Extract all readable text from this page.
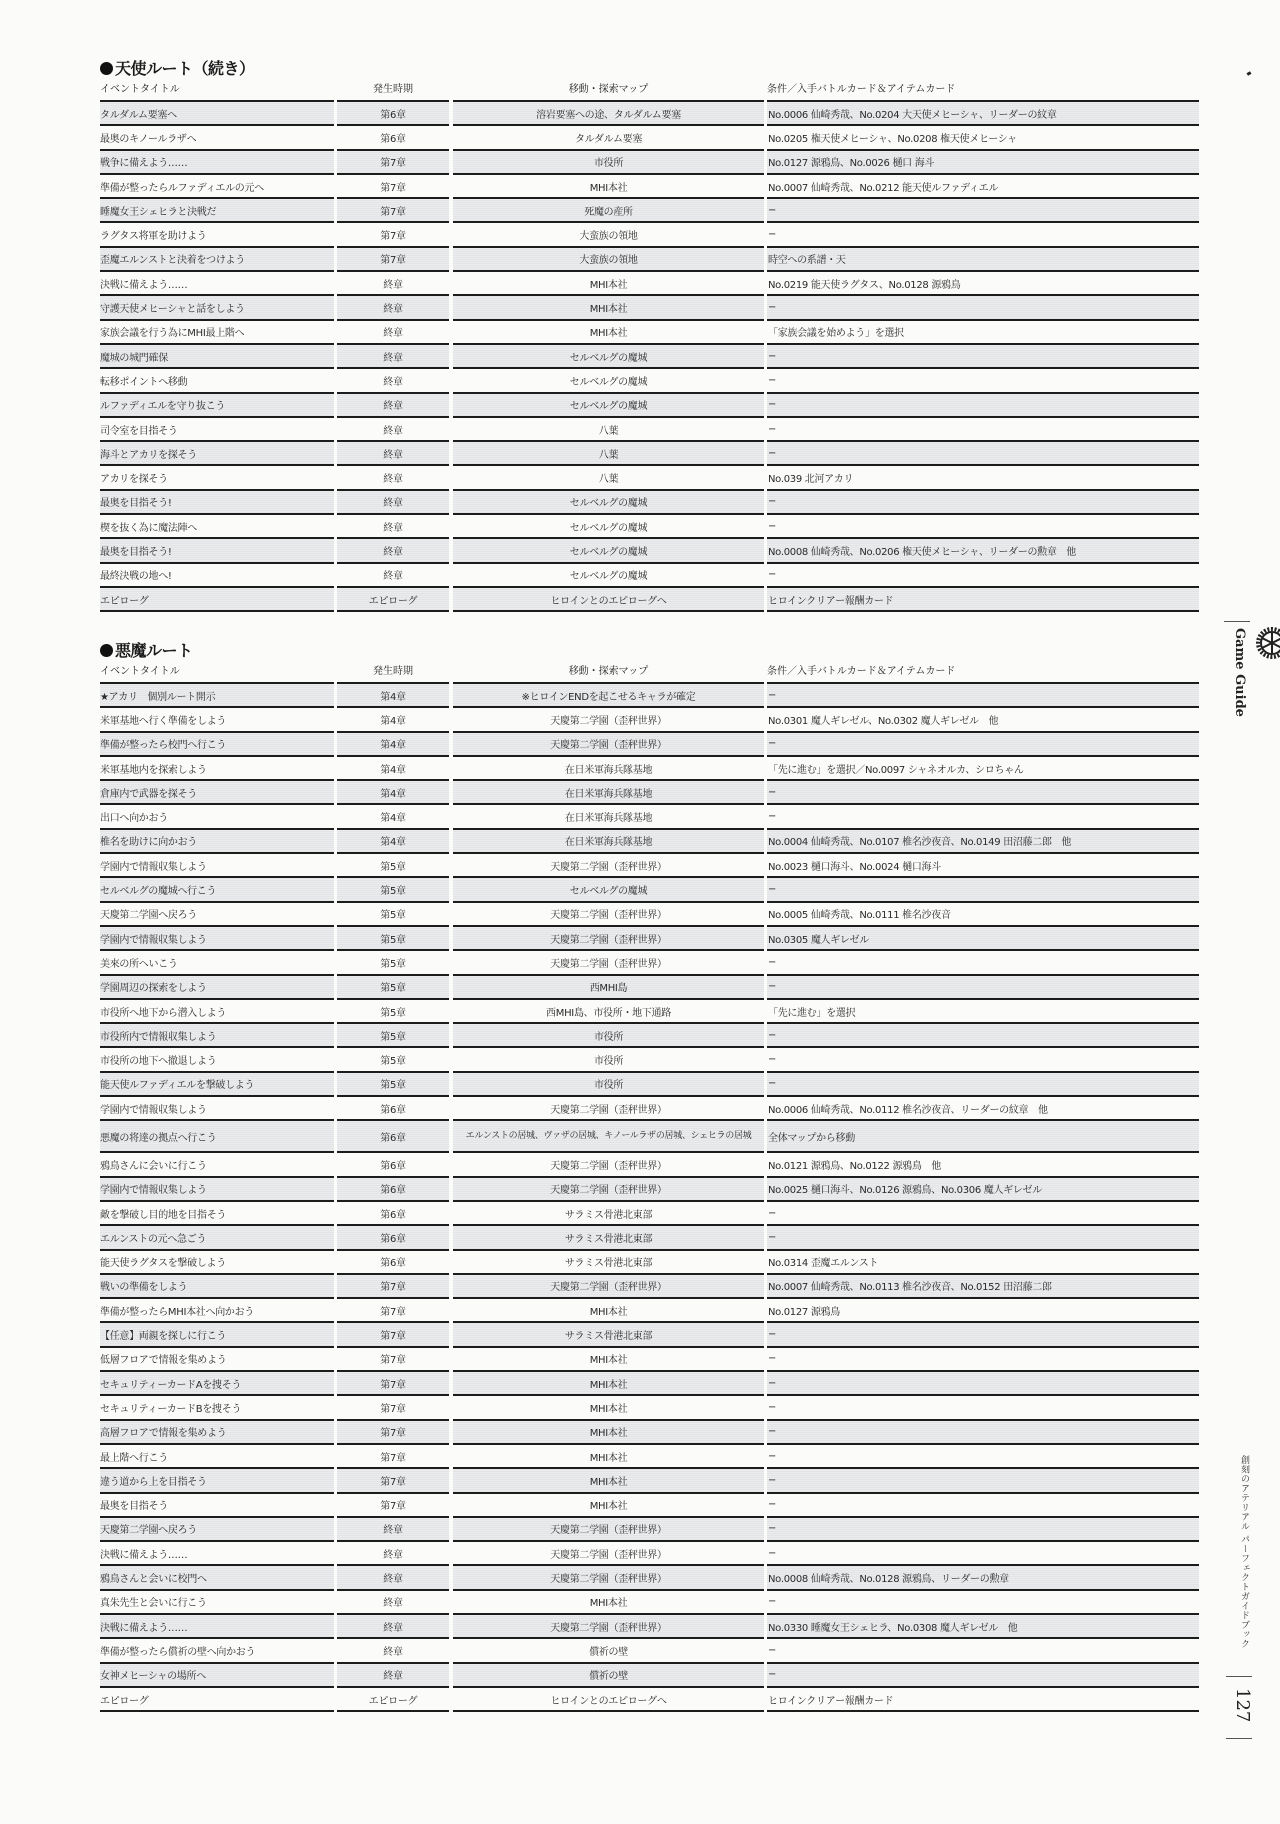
天使ルート（続き）
イベントタイトル	発生時期	移動・探索マップ	条件／入手バトルカード＆アイテムカード
タルダルム要塞へ	第6章	溶岩要塞への途、タルダルム要塞	No.0006 仙崎秀哉、No.0204 大天使メヒーシャ、リーダーの紋章
最奥のキノールラザへ	第6章	タルダルム要塞	No.0205 権天使メヒーシャ、No.0208 権天使メヒーシャ
戦争に備えよう……	第7章	市役所	No.0127 源鴉鳥、No.0026 樋口 海斗
準備が整ったらルファディエルの元へ	第7章	MHI本社	No.0007 仙崎秀哉、No.0212 能天使ルファディエル
睡魔女王シェヒラと決戦だ	第7章	死魔の産所	−
ラグタス将軍を助けよう	第7章	大蛮族の領地	−
歪魔エルンストと決着をつけよう	第7章	大蛮族の領地	時空への系譜・天
決戦に備えよう……	終章	MHI本社	No.0219 能天使ラグタス、No.0128 源鴉鳥
守護天使メヒーシャと話をしよう	終章	MHI本社	−
家族会議を行う為にMHI最上階へ	終章	MHI本社	「家族会議を始めよう」を選択
魔城の城門確保	終章	セルベルグの魔城	−
転移ポイントへ移動	終章	セルベルグの魔城	−
ルファディエルを守り抜こう	終章	セルベルグの魔城	−
司令室を目指そう	終章	八葉	−
海斗とアカリを探そう	終章	八葉	−
アカリを探そう	終章	八葉	No.039 北河アカリ
最奥を目指そう!	終章	セルベルグの魔城	−
楔を抜く為に魔法陣へ	終章	セルベルグの魔城	−
最奥を目指そう!	終章	セルベルグの魔城	No.0008 仙崎秀哉、No.0206 権天使メヒーシャ、リーダーの勲章　他
最終決戦の地へ!	終章	セルベルグの魔城	−
エピローグ	エピローグ	ヒロインとのエピローグへ	ヒロインクリアー報酬カード
悪魔ルート
イベントタイトル	発生時期	移動・探索マップ	条件／入手バトルカード＆アイテムカード
★アカリ　個別ルート開示	第4章	※ヒロインENDを起こせるキャラが確定	−
米軍基地へ行く準備をしよう	第4章	天慶第二学園（歪秤世界）	No.0301 魔人ギレゼル、No.0302 魔人ギレゼル　他
準備が整ったら校門へ行こう	第4章	天慶第二学園（歪秤世界）	−
米軍基地内を探索しよう	第4章	在日米軍海兵隊基地	「先に進む」を選択／No.0097 シャネオルカ、シロちゃん
倉庫内で武器を探そう	第4章	在日米軍海兵隊基地	−
出口へ向かおう	第4章	在日米軍海兵隊基地	−
椎名を助けに向かおう	第4章	在日米軍海兵隊基地	No.0004 仙崎秀哉、No.0107 椎名沙夜音、No.0149 田沼藤二郎　他
学園内で情報収集しよう	第5章	天慶第二学園（歪秤世界）	No.0023 樋口海斗、No.0024 樋口海斗
セルベルグの魔城へ行こう	第5章	セルベルグの魔城	−
天慶第二学園へ戻ろう	第5章	天慶第二学園（歪秤世界）	No.0005 仙崎秀哉、No.0111 椎名沙夜音
学園内で情報収集しよう	第5章	天慶第二学園（歪秤世界）	No.0305 魔人ギレゼル
美來の所へいこう	第5章	天慶第二学園（歪秤世界）	−
学園周辺の探索をしよう	第5章	西MHI島	−
市役所へ地下から潜入しよう	第5章	西MHI島、市役所・地下通路	「先に進む」を選択
市役所内で情報収集しよう	第5章	市役所	−
市役所の地下へ撤退しよう	第5章	市役所	−
能天使ルファディエルを撃破しよう	第5章	市役所	−
学園内で情報収集しよう	第6章	天慶第二学園（歪秤世界）	No.0006 仙崎秀哉、No.0112 椎名沙夜音、リーダーの紋章　他
悪魔の将達の拠点へ行こう	第6章	エルンストの居城、ヴァザの居城、キノールラザの居城、シェヒラの居城	全体マップから移動
鴉鳥さんに会いに行こう	第6章	天慶第二学園（歪秤世界）	No.0121 源鴉鳥、No.0122 源鴉鳥　他
学園内で情報収集しよう	第6章	天慶第二学園（歪秤世界）	No.0025 樋口海斗、No.0126 源鴉鳥、No.0306 魔人ギレゼル
敵を撃破し目的地を目指そう	第6章	サラミス骨港北東部	−
エルンストの元へ急ごう	第6章	サラミス骨港北東部	−
能天使ラグタスを撃破しよう	第6章	サラミス骨港北東部	No.0314 歪魔エルンスト
戦いの準備をしよう	第7章	天慶第二学園（歪秤世界）	No.0007 仙崎秀哉、No.0113 椎名沙夜音、No.0152 田沼藤二郎
準備が整ったらMHI本社へ向かおう	第7章	MHI本社	No.0127 源鴉鳥
【任意】両親を探しに行こう	第7章	サラミス骨港北東部	−
低層フロアで情報を集めよう	第7章	MHI本社	−
セキュリティーカードAを捜そう	第7章	MHI本社	−
セキュリティーカードBを捜そう	第7章	MHI本社	−
高層フロアで情報を集めよう	第7章	MHI本社	−
最上階へ行こう	第7章	MHI本社	−
違う道から上を目指そう	第7章	MHI本社	−
最奥を目指そう	第7章	MHI本社	−
天慶第二学園へ戻ろう	終章	天慶第二学園（歪秤世界）	−
決戦に備えよう……	終章	天慶第二学園（歪秤世界）	−
鴉鳥さんと会いに校門へ	終章	天慶第二学園（歪秤世界）	No.0008 仙崎秀哉、No.0128 源鴉鳥、リーダーの勲章
真朱先生と会いに行こう	終章	MHI本社	−
決戦に備えよう……	終章	天慶第二学園（歪秤世界）	No.0330 睡魔女王シェヒラ、No.0308 魔人ギレゼル　他
準備が整ったら償祈の壁へ向かおう	終章	償祈の壁	−
女神メヒーシャの場所へ	終章	償祈の壁	−
エピローグ	エピローグ	ヒロインとのエピローグへ	ヒロインクリアー報酬カード
Game Guide
創刻のアテリアル パーフェクトガイドブック
127
